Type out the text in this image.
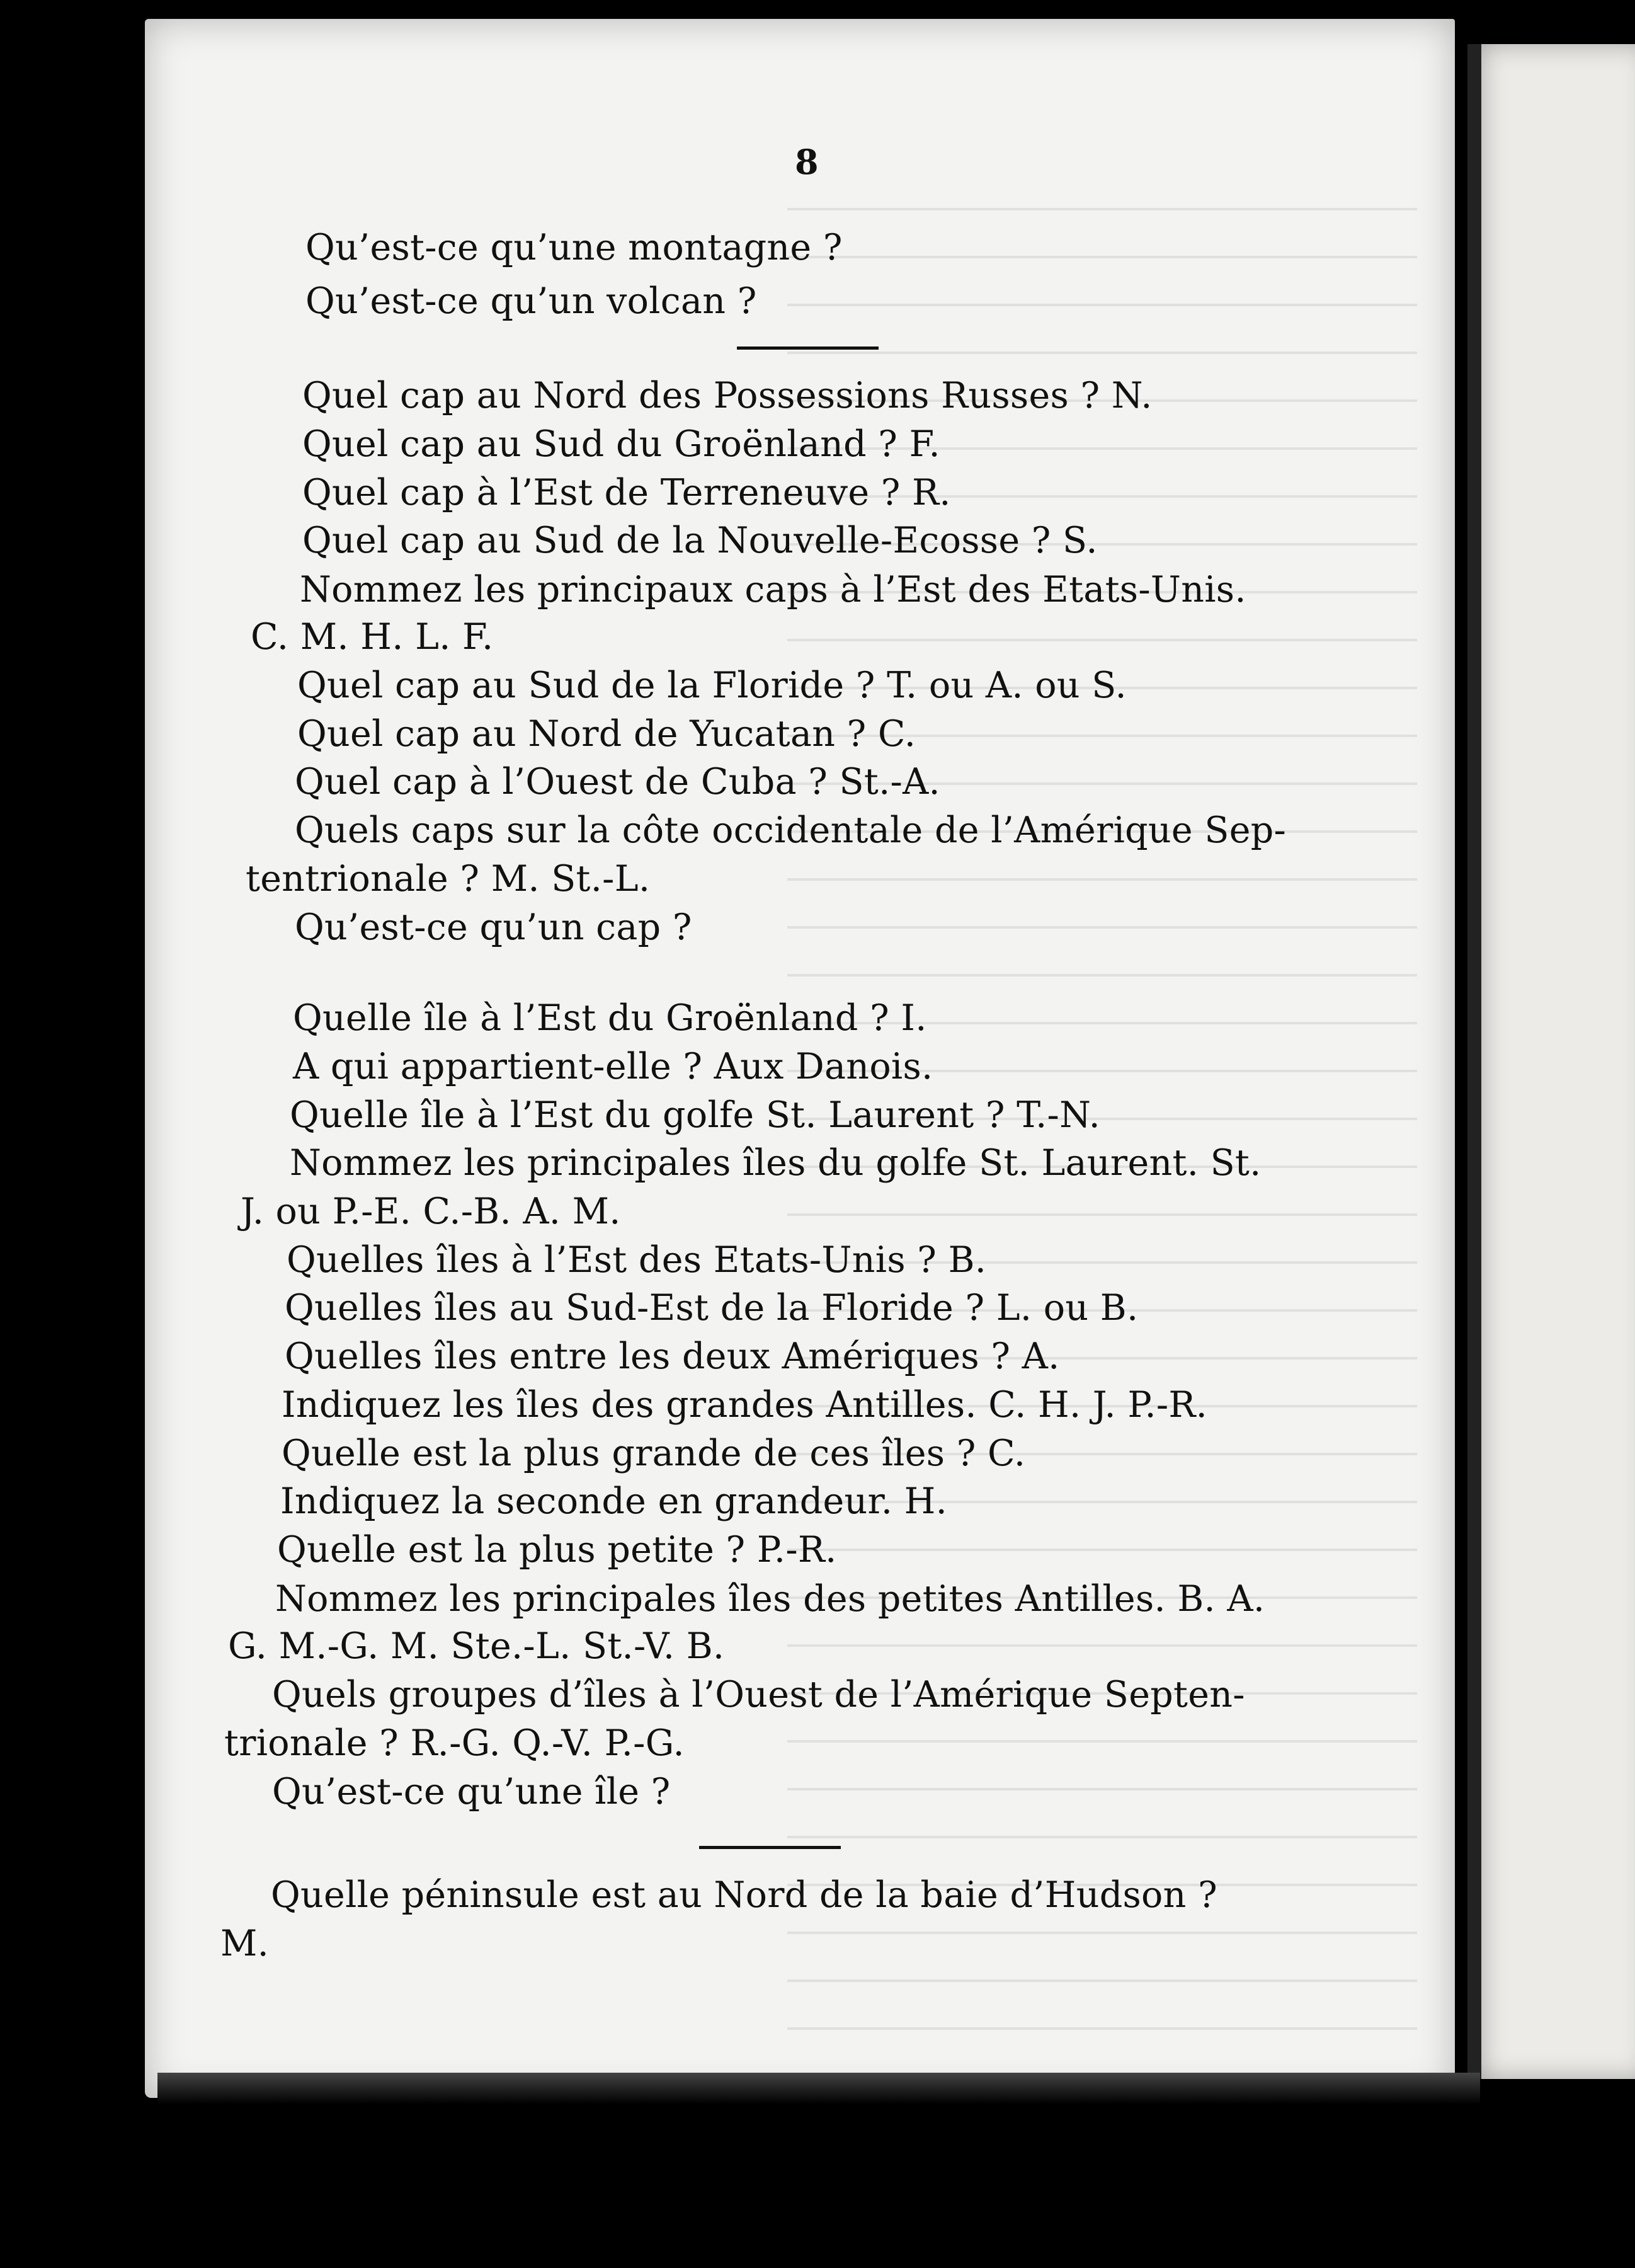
8
Qu’est-ce qu’une montagne ?
Qu’est-ce qu’un volcan ?
Quel cap au Nord des Possessions Russes ? N.
Quel cap au Sud du Groënland ? F.
Quel cap à l’Est de Terreneuve ? R.
Quel cap au Sud de la Nouvelle-Ecosse ? S.
Nommez les principaux caps à l’Est des Etats-Unis.
C. M. H. L. F.
Quel cap au Sud de la Floride ? T. ou A. ou S.
Quel cap au Nord de Yucatan ? C.
Quel cap à l’Ouest de Cuba ? St.-A.
Quels caps sur la côte occidentale de l’Amérique Sep-
tentrionale ? M. St.-L.
Qu’est-ce qu’un cap ?
Quelle île à l’Est du Groënland ? I.
A qui appartient-elle ? Aux Danois.
Quelle île à l’Est du golfe St. Laurent ? T.-N.
Nommez les principales îles du golfe St. Laurent. St.
J. ou P.-E. C.-B. A. M.
Quelles îles à l’Est des Etats-Unis ? B.
Quelles îles au Sud-Est de la Floride ? L. ou B.
Quelles îles entre les deux Amériques ? A.
Indiquez les îles des grandes Antilles. C. H. J. P.-R.
Quelle est la plus grande de ces îles ? C.
Indiquez la seconde en grandeur. H.
Quelle est la plus petite ? P.-R.
Nommez les principales îles des petites Antilles. B. A.
G. M.-G. M. Ste.-L. St.-V. B.
Quels groupes d’îles à l’Ouest de l’Amérique Septen-
trionale ? R.-G. Q.-V. P.-G.
Qu’est-ce qu’une île ?
Quelle péninsule est au Nord de la baie d’Hudson ?
M.
